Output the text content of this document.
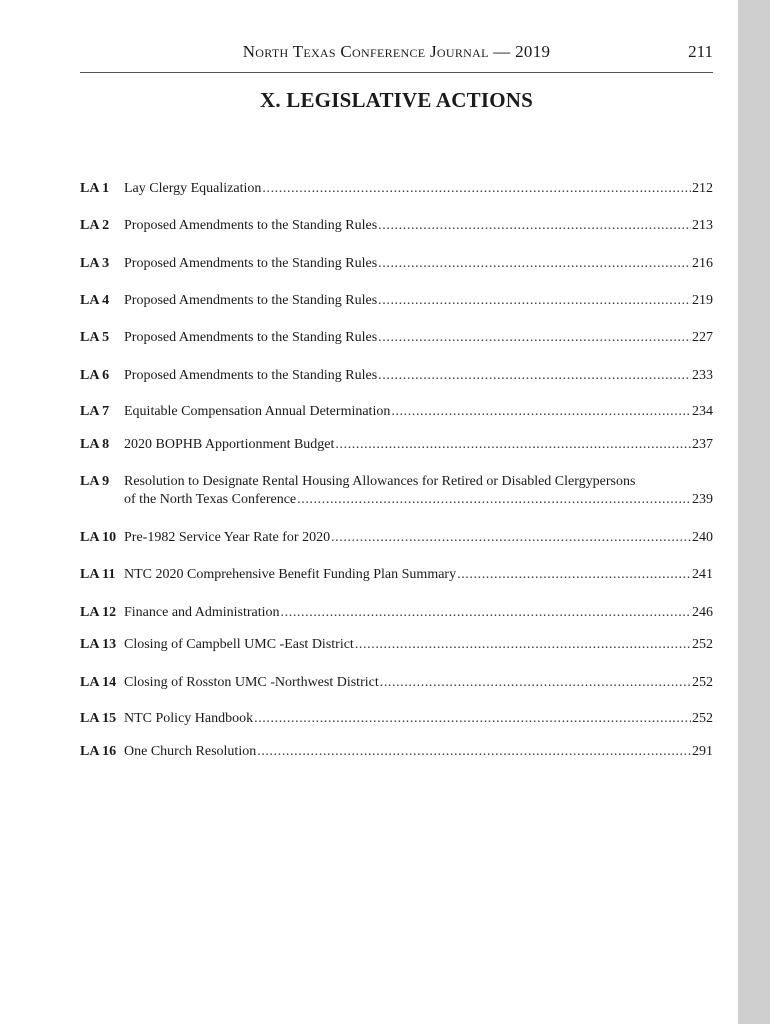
North Texas Conference Journal — 2019	211
X. LEGISLATIVE ACTIONS
LA 1 Lay Clergy Equalization .....	212
LA 2 Proposed Amendments to the Standing Rules .....	213
LA 3 Proposed Amendments to the Standing Rules .....	216
LA 4 Proposed Amendments to the Standing Rules .....	219
LA 5 Proposed Amendments to the Standing Rules .....	227
LA 6 Proposed Amendments to the Standing Rules .....	233
LA 7 Equitable Compensation Annual Determination .....	234
LA 8 2020 BOPHB Apportionment Budget .....	237
LA 9 Resolution to Designate Rental Housing Allowances for Retired or Disabled Clergypersons
of the North Texas Conference .....	239
LA 10 Pre-1982 Service Year Rate for 2020 .....	240
LA 11 NTC 2020 Comprehensive Benefit Funding Plan Summary .....	241
LA 12 Finance and Administration .....	246
LA 13 Closing of Campbell UMC -East District .....	252
LA 14 Closing of Rosston UMC -Northwest District .....	252
LA 15 NTC Policy Handbook .....	252
LA 16 One Church Resolution .....	291
